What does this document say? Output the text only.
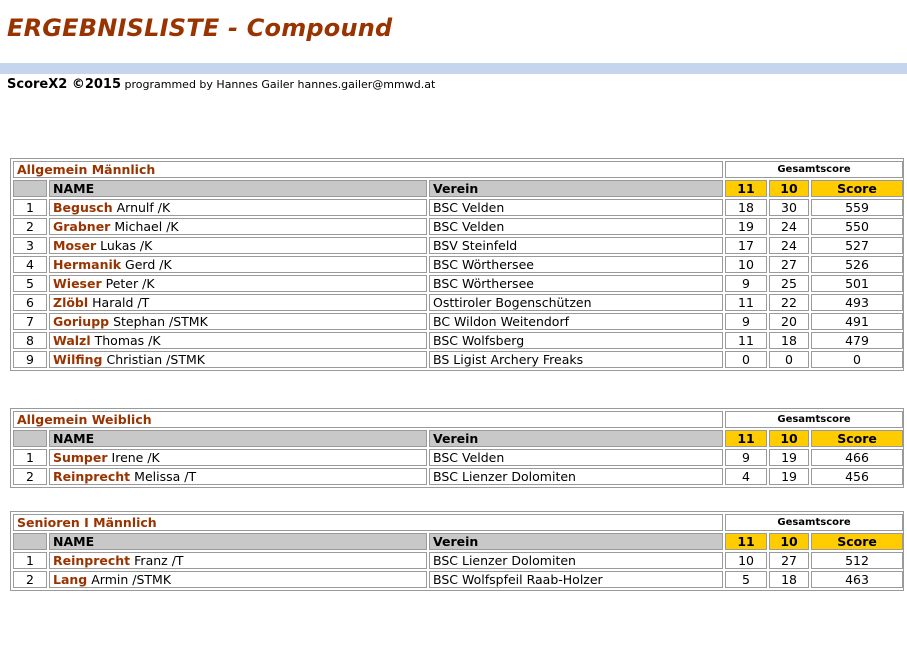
ERGEBNISLISTE - Compound
ScoreX2 ©2015 programmed by Hannes Gailer hannes.gailer@mmwd.at
Allgemein Männlich			Gesamtscore		
	NAME	Verein	11	10	Score
1	Begusch Arnulf /K	BSC Velden	18	30	559
2	Grabner Michael /K	BSC Velden	19	24	550
3	Moser Lukas /K	BSV Steinfeld	17	24	527
4	Hermanik Gerd /K	BSC Wörthersee	10	27	526
5	Wieser Peter /K	BSC Wörthersee	9	25	501
6	Zlöbl Harald /T	Osttiroler Bogenschützen	11	22	493
7	Goriupp Stephan /STMK	BC Wildon Weitendorf	9	20	491
8	Walzl Thomas /K	BSC Wolfsberg	11	18	479
9	Wilfing Christian /STMK	BS Ligist Archery Freaks	0	0	0
Allgemein Weiblich			Gesamtscore		
	NAME	Verein	11	10	Score
1	Sumper Irene /K	BSC Velden	9	19	466
2	Reinprecht Melissa /T	BSC Lienzer Dolomiten	4	19	456
Senioren I Männlich			Gesamtscore		
	NAME	Verein	11	10	Score
1	Reinprecht Franz /T	BSC Lienzer Dolomiten	10	27	512
2	Lang Armin /STMK	BSC Wolfspfeil Raab-Holzer	5	18	463
